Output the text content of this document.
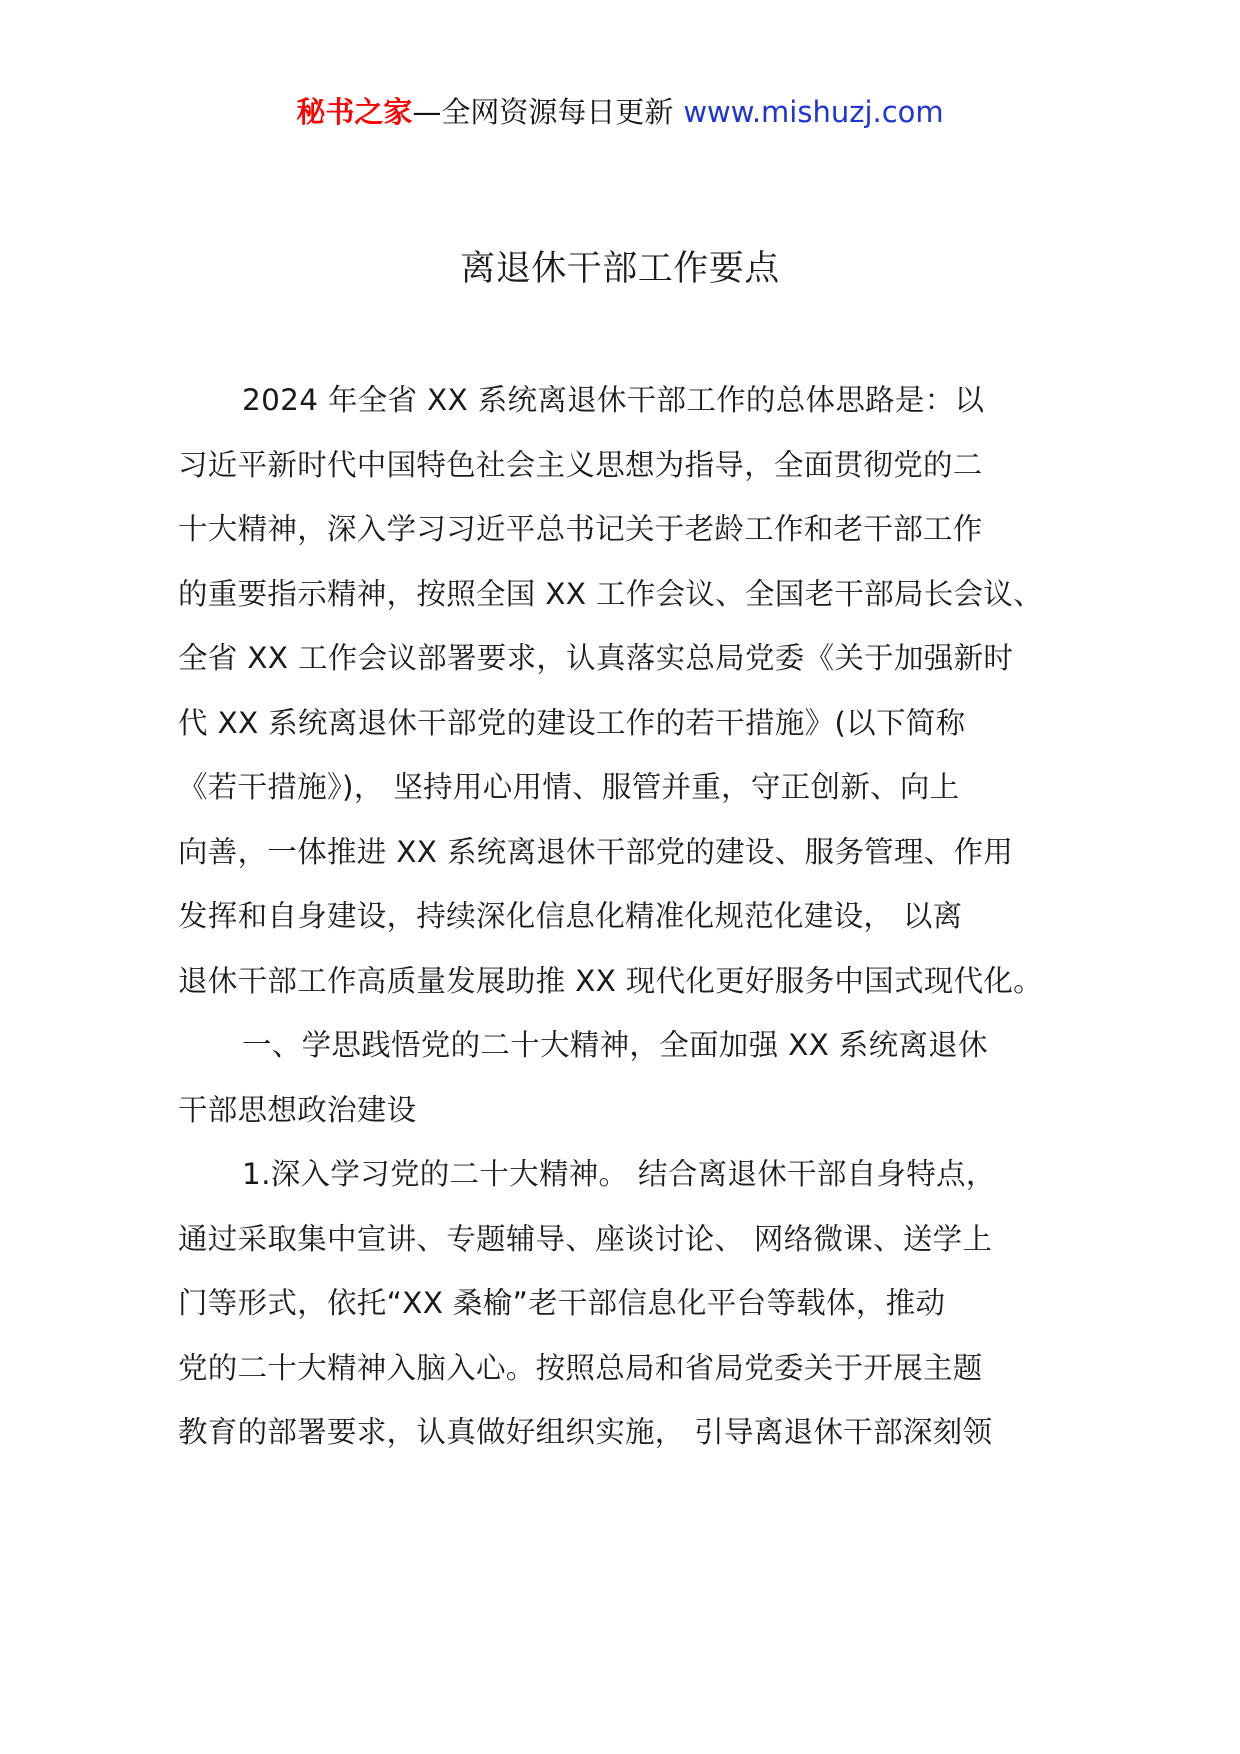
秘书之家—全网资源每日更新 www.mishuzj.com
离退休干部工作要点
2024 年全省 XX 系统离退休干部工作的总体思路是：以
习近平新时代中国特色社会主义思想为指导，全面贯彻党的二
十大精神，深入学习习近平总书记关于老龄工作和老干部工作
的重要指示精神，按照全国 XX 工作会议、全国老干部局长会议、
全省 XX 工作会议部署要求，认真落实总局党委《关于加强新时
代 XX 系统离退休干部党的建设工作的若干措施》(以下简称
《若干措施》)， 坚持用心用情、服管并重，守正创新、向上
向善，一体推进 XX 系统离退休干部党的建设、服务管理、作用
发挥和自身建设，持续深化信息化精准化规范化建设， 以离
退休干部工作高质量发展助推 XX 现代化更好服务中国式现代化。
一、学思践悟党的二十大精神，全面加强 XX 系统离退休
干部思想政治建设
1.深入学习党的二十大精神。 结合离退休干部自身特点，
通过采取集中宣讲、专题辅导、座谈讨论、 网络微课、送学上
门等形式，依托“XX 桑榆”老干部信息化平台等载体，推动
党的二十大精神入脑入心。按照总局和省局党委关于开展主题
教育的部署要求，认真做好组织实施， 引导离退休干部深刻领
